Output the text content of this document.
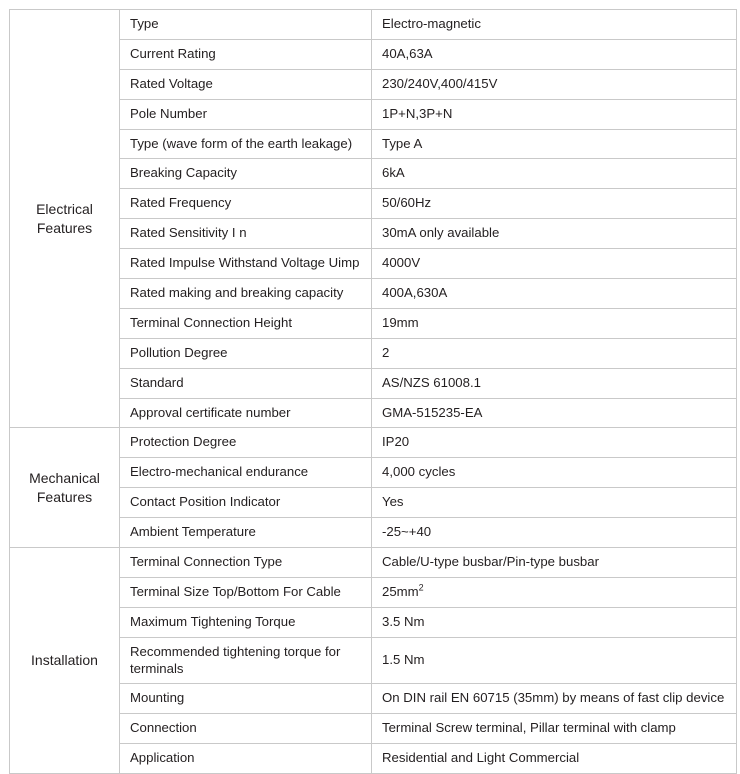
Electrical
Features	Type	Electro-magnetic
	Current Rating	40A,63A
	Rated Voltage	230/240V,400/415V
	Pole Number	1P+N,3P+N
	Type (wave form of the earth leakage)	Type A
	Breaking Capacity	6kA
	Rated Frequency	50/60Hz
	Rated Sensitivity I n	30mA only available
	Rated Impulse Withstand Voltage Uimp	4000V
	Rated making and breaking capacity	400A,630A
	Terminal Connection Height	19mm
	Pollution Degree	2
	Standard	AS/NZS 61008.1
	Approval certificate number	GMA-515235-EA

Mechanical
Features	Protection Degree	IP20
	Electro-mechanical endurance	4,000 cycles
	Contact Position Indicator	Yes
	Ambient Temperature	-25~+40

Installation	Terminal Connection Type	Cable/U-type busbar/Pin-type busbar
	Terminal Size Top/Bottom For Cable	$25mm^2$
	Maximum Tightening Torque	3.5 Nm

	Recommended tightening torque for
terminals	1.5 Nm
	Mounting	On DIN rail EN 60715 (35mm) by means of fast clip device
	Connection	Terminal Screw terminal, Pillar terminal with clamp
	Application	Residential and Light Commercial
